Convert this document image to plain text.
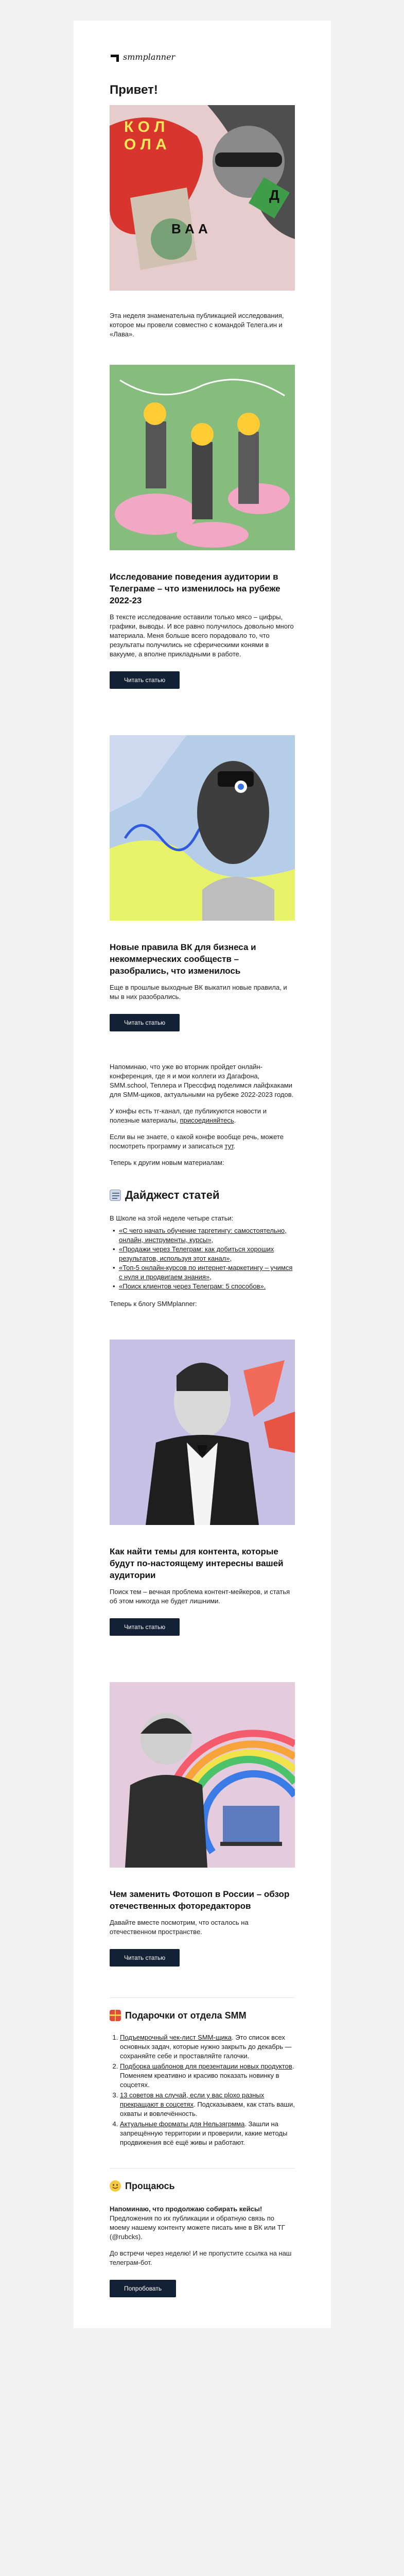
smmplanner
Привет!
К О Л
О Л А
В А А
Д

Эта неделя знаменательна публикацией исследования, которое мы провели совместно с командой Телегa.ин и «Лава».

Исследование поведения аудитории в Телеграме – что изменилось на рубеже 2022-23

В тексте исследование оставили только мясо – цифры, графики, выводы. И все равно получилось довольно много материала. Меня больше всего порадовало то, что результаты получились не сферическими конями в вакууме, а вполне прикладными в работе.

Читать статью
Новые правила ВК для бизнеса и некоммерческих сообществ – разобрались, что изменилось

Еще в прошлые выходные ВК выкатил новые правила, и мы в них разобрались.

Читать статью

Напоминаю, что уже во вторник пройдет онлайн-конференция, где я и мои коллеги из Дагафона, SMM.school, Теплера и Прессфид поделимся лайфхаками для SMM-щиков, актуальными на рубеже 2022-2023 годов.

У конфы есть тг-канал, где публикуются новости и полезные материалы, присоединяйтесь.

Если вы не знаете, о какой конфе вообще речь, можете посмотреть программу и записаться тут.

Теперь к другим новым материалам:

Дайджест статей

В Школе на этой неделе четыре статьи:

• «С чего начать обучение таргетингу: самостоятельно, онлайн, инструменты, курсы»,
• «Продажи через Телеграм: как добиться хороших результатов, используя этот канал»,
• «Топ-5 онлайн-курсов по интернет-маркетингу – учимся с нуля и продвигаем знания»,
• «Поиск клиентов через Телеграм: 5 способов».

Теперь к блогу SMMplanner:

Как найти темы для контента, которые будут по-настоящему интересны вашей аудитории

Поиск тем – вечная проблема контент-мейкеров, и статья об этом никогда не будет лишними.

Читать статью
Чем заменить Фотошоп в России – обзор отечественных фоторедакторов

Давайте вместе посмотрим, что осталось на отечественном пространстве.

Читать статью
Подарочки от отдела SMM
1. Подъемрочный чек-лист SMM-щика. Это список всех основных задач, которые нужно закрыть до декабрь — сохраняйте себе и проставляйте галочки.
2. Подборка шаблонов для презентации новых продуктов. Поменяем креативно и красиво показать новинку в соцсетях.
3. 13 советов на случай, если у вас plохо разных прекращают в соцсетях. Подсказываем, как стать ваши, охваты и вовлечённость.
4. Актуальные форматы для Нельзягрмма. Зашли на запрещённую территории и проверили, какие методы продвижения всё ещё живы и работают.
Прощаюсь

Напоминаю, что продолжаю собирать кейсы! Предложения по их публикации и обратную связь по моему нашему контенту можете писать мне в ВК или ТГ (@rubcks).

До встречи через неделю! И не пропустите ссылка на наш телеграм-бот.

Попробовать
